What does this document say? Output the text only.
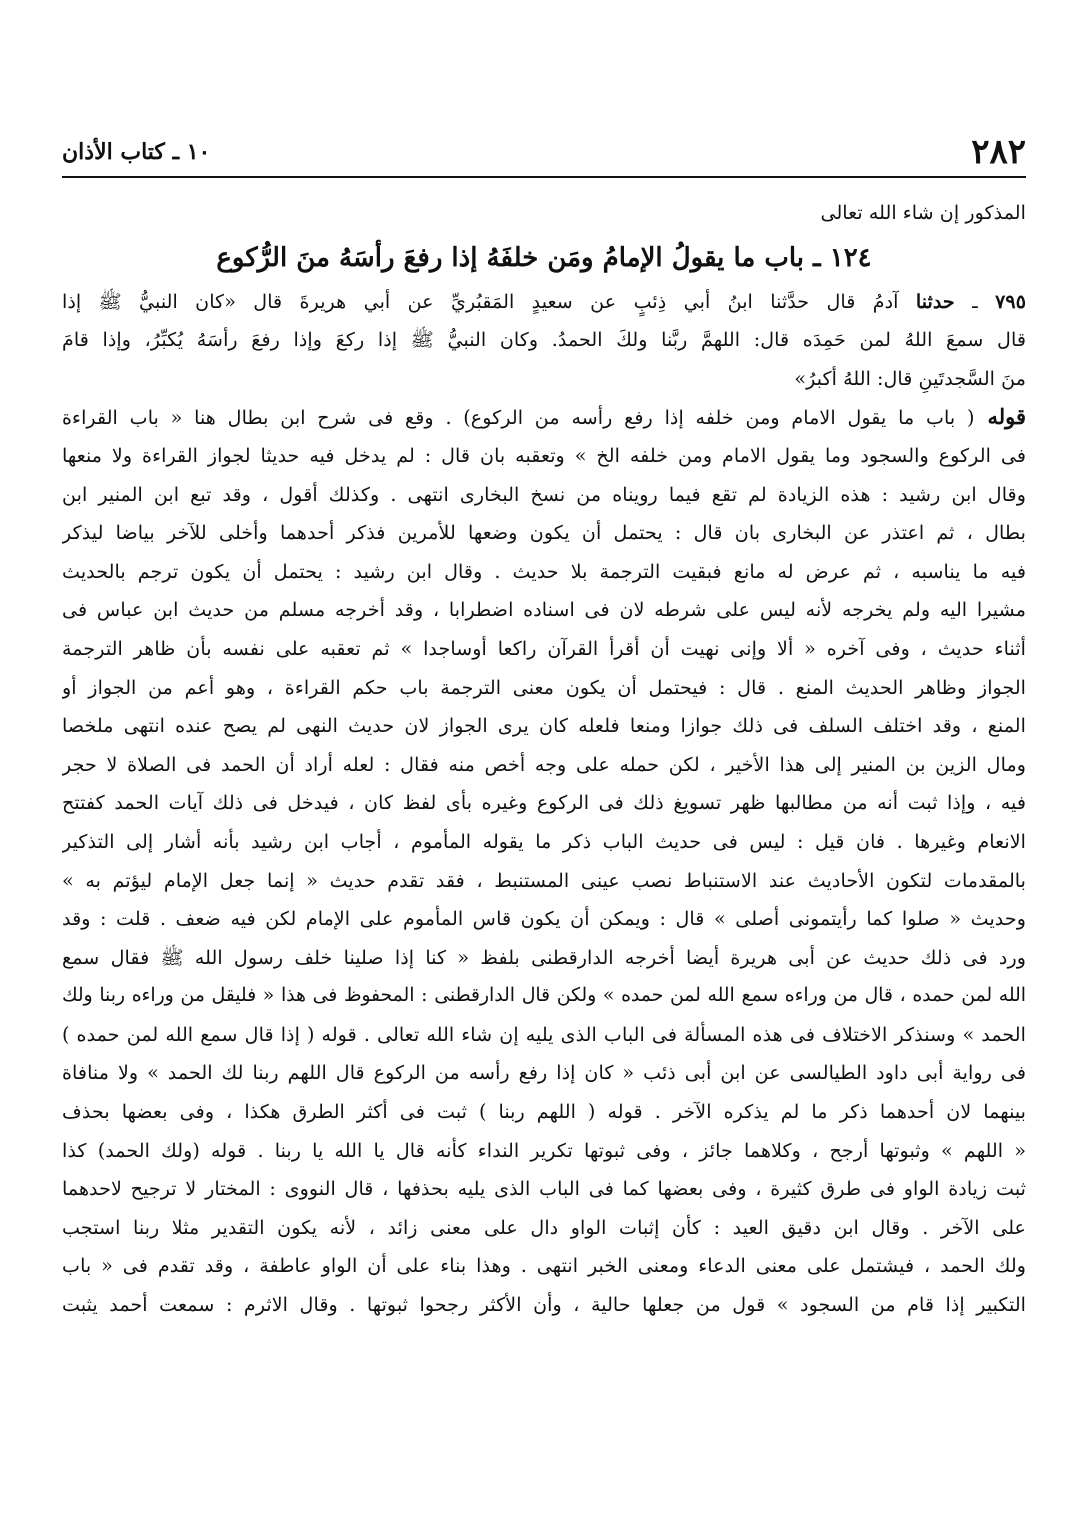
٢٨٢
١٠ ـ كتاب الأذان
المذكور إن شاء الله تعالى
١٢٤ ـ باب ما يقولُ الإمامُ ومَن خلفَهُ إذا رفعَ رأسَهُ منَ الرُّكوع
٧٩٥ ـ حدثنا آدمُ قال حدَّثنا ابنُ أبي ذِئبٍ عن سعيدٍ المَقبُريِّ عن أبي هريرةَ قال «كان النبيُّ ﷺ إذا
قال سمعَ اللهُ لمن حَمِدَه قال: اللهمَّ ربَّنا ولكَ الحمدُ. وكان النبيُّ ﷺ إذا ركعَ وإذا رفعَ رأسَهُ يُكبِّرُ، وإذا قامَ
منَ السَّجدتَينِ قال: اللهُ أكبرُ»
قوله ( باب ما يقول الامام ومن خلفه إذا رفع رأسه من الركوع) . وقع فى شرح ابن بطال هنا « باب القراءة
فى الركوع والسجود وما يقول الامام ومن خلفه الخ » وتعقبه بان قال : لم يدخل فيه حديثا لجواز القراءة ولا منعها
وقال ابن رشيد : هذه الزيادة لم تقع فيما رويناه من نسخ البخارى انتهى . وكذلك أقول ، وقد تبع ابن المنير ابن
بطال ، ثم اعتذر عن البخارى بان قال : يحتمل أن يكون وضعها للأمرين فذكر أحدهما وأخلى للآخر بياضا ليذكر
فيه ما يناسبه ، ثم عرض له مانع فبقيت الترجمة بلا حديث . وقال ابن رشيد : يحتمل أن يكون ترجم بالحديث
مشيرا اليه ولم يخرجه لأنه ليس على شرطه لان فى اسناده اضطرابا ، وقد أخرجه مسلم من حديث ابن عباس فى
أثناء حديث ، وفى آخره « ألا وإنى نهيت أن أقرأ القرآن راكعا أوساجدا » ثم تعقبه على نفسه بأن ظاهر الترجمة
الجواز وظاهر الحديث المنع . قال : فيحتمل أن يكون معنى الترجمة باب حكم القراءة ، وهو أعم من الجواز أو
المنع ، وقد اختلف السلف فى ذلك جوازا ومنعا فلعله كان يرى الجواز لان حديث النهى لم يصح عنده انتهى ملخصا
ومال الزين بن المنير إلى هذا الأخير ، لكن حمله على وجه أخص منه فقال : لعله أراد أن الحمد فى الصلاة لا حجر
فيه ، وإذا ثبت أنه من مطالبها ظهر تسويغ ذلك فى الركوع وغيره بأى لفظ كان ، فيدخل فى ذلك آيات الحمد كفتتح
الانعام وغيرها . فان قيل : ليس فى حديث الباب ذكر ما يقوله المأموم ، أجاب ابن رشيد بأنه أشار إلى التذكير
بالمقدمات لتكون الأحاديث عند الاستنباط نصب عينى المستنبط ، فقد تقدم حديث « إنما جعل الإمام ليؤتم به »
وحديث « صلوا كما رأيتمونى أصلى » قال : ويمكن أن يكون قاس المأموم على الإمام لكن فيه ضعف . قلت : وقد
ورد فى ذلك حديث عن أبى هريرة أيضا أخرجه الدارقطنى بلفظ « كنا إذا صلينا خلف رسول الله ﷺ فقال سمع
الله لمن حمده ، قال من وراءه سمع الله لمن حمده » ولكن قال الدارقطنى : المحفوظ فى هذا « فليقل من وراءه ربنا ولك
الحمد » وسنذكر الاختلاف فى هذه المسألة فى الباب الذى يليه إن شاء الله تعالى . قوله ( إذا قال سمع الله لمن حمده )
فى رواية أبى داود الطيالسى عن ابن أبى ذئب « كان إذا رفع رأسه من الركوع قال اللهم ربنا لك الحمد » ولا منافاة
بينهما لان أحدهما ذكر ما لم يذكره الآخر . قوله ( اللهم ربنا ) ثبت فى أكثر الطرق هكذا ، وفى بعضها بحذف
« اللهم » وثبوتها أرجح ، وكلاهما جائز ، وفى ثبوتها تكرير النداء كأنه قال يا الله يا ربنا . قوله (ولك الحمد) كذا
ثبت زيادة الواو فى طرق كثيرة ، وفى بعضها كما فى الباب الذى يليه بحذفها ، قال النووى : المختار لا ترجيح لاحدهما
على الآخر . وقال ابن دقيق العيد : كأن إثبات الواو دال على معنى زائد ، لأنه يكون التقدير مثلا ربنا استجب
ولك الحمد ، فيشتمل على معنى الدعاء ومعنى الخبر انتهى . وهذا بناء على أن الواو عاطفة ، وقد تقدم فى « باب
التكبير إذا قام من السجود » قول من جعلها حالية ، وأن الأكثر رجحوا ثبوتها . وقال الاثرم : سمعت أحمد يثبت
